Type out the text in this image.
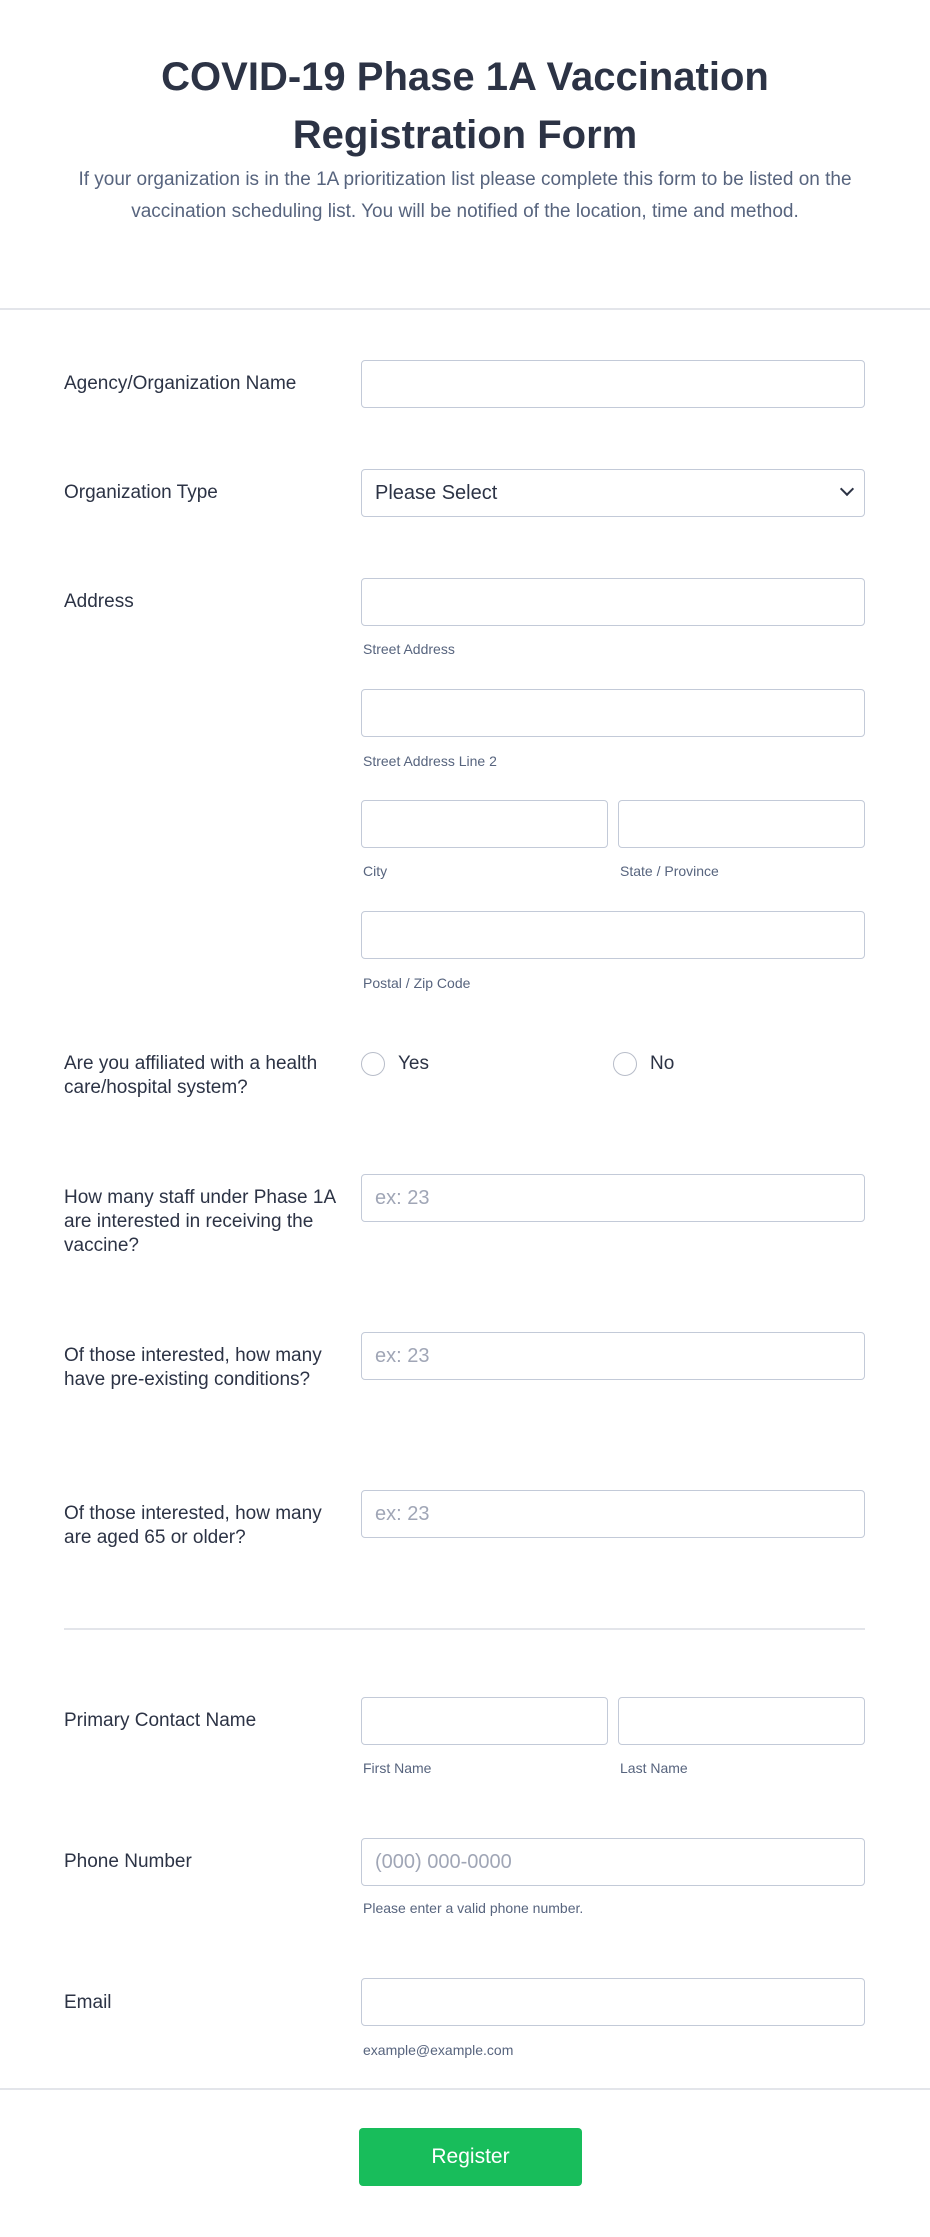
COVID-19 Phase 1A Vaccination Registration Form
If your organization is in the 1A prioritization list please complete this form to be listed on the vaccination scheduling list. You will be notified of the location, time and method.
Agency/Organization Name
Organization Type	Please Select
Address
Street Address
Street Address Line 2
City	State / Province
Postal / Zip Code
Are you affiliated with a health care/hospital system?
Yes	No
How many staff under Phase 1A are interested in receiving the vaccine?
ex: 23
Of those interested, how many have pre-existing conditions?
ex: 23
Of those interested, how many are aged 65 or older?
ex: 23
Primary Contact Name
First Name	Last Name
Phone Number	(000) 000-0000
Please enter a valid phone number.
Email
example@example.com
Register
